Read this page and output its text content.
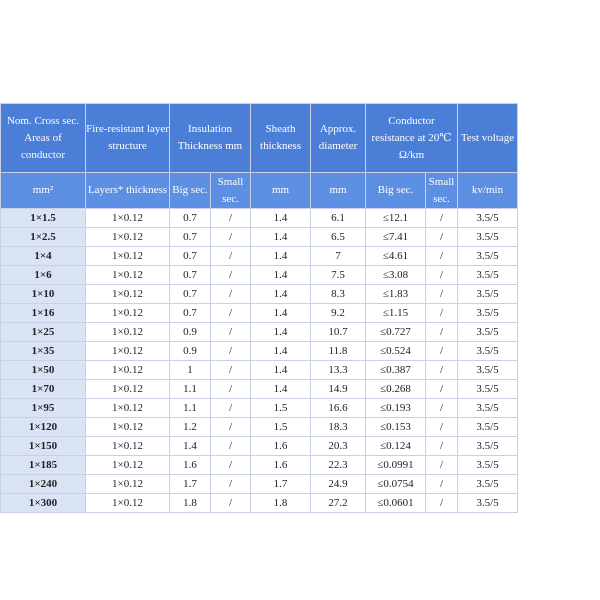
Nom. Cross sec. Areas of conductor	Fire-resistant layer structure	Insulation Thickness mm		Sheath thickness	Approx. diameter	Conductor resistance at 20℃ Ω/km		Test voltage	
mm²	Layers* thickness	Big sec.	Small sec.	mm	mm	Big sec.	Small sec.	kv/min	
1×1.5	1×0.12	0.7	/	1.4	6.1	≤12.1	/	3.5/5	
1×2.5	1×0.12	0.7	/	1.4	6.5	≤7.41	/	3.5/5	
1×4	1×0.12	0.7	/	1.4	7	≤4.61	/	3.5/5	
1×6	1×0.12	0.7	/	1.4	7.5	≤3.08	/	3.5/5	
1×10	1×0.12	0.7	/	1.4	8.3	≤1.83	/	3.5/5	
1×16	1×0.12	0.7	/	1.4	9.2	≤1.15	/	3.5/5	
1×25	1×0.12	0.9	/	1.4	10.7	≤0.727	/	3.5/5	
1×35	1×0.12	0.9	/	1.4	11.8	≤0.524	/	3.5/5	
1×50	1×0.12	1	/	1.4	13.3	≤0.387	/	3.5/5	
1×70	1×0.12	1.1	/	1.4	14.9	≤0.268	/	3.5/5	
1×95	1×0.12	1.1	/	1.5	16.6	≤0.193	/	3.5/5	
1×120	1×0.12	1.2	/	1.5	18.3	≤0.153	/	3.5/5	
1×150	1×0.12	1.4	/	1.6	20.3	≤0.124	/	3.5/5	
1×185	1×0.12	1.6	/	1.6	22.3	≤0.0991	/	3.5/5	
1×240	1×0.12	1.7	/	1.7	24.9	≤0.0754	/	3.5/5	
1×300	1×0.12	1.8	/	1.8	27.2	≤0.0601	/	3.5/5	
